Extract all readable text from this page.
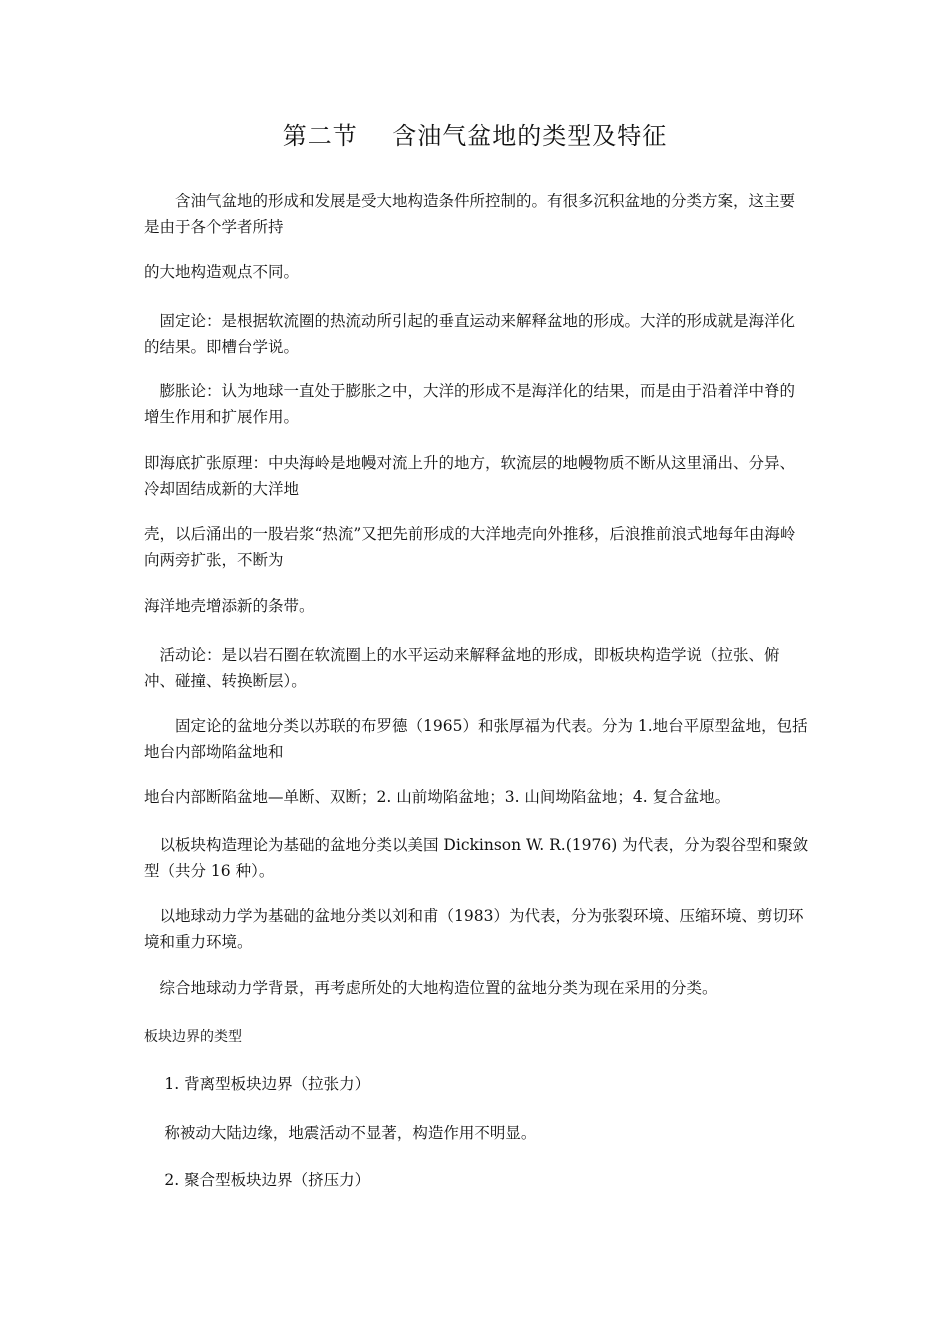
第二节    含油气盆地的类型及特征

　　含油气盆地的形成和发展是受大地构造条件所控制的。有很多沉积盆地的分类方案，这主要是由于各个学者所持

的大地构造观点不同。

　固定论：是根据软流圈的热流动所引起的垂直运动来解释盆地的形成。大洋的形成就是海洋化的结果。即槽台学说。

　膨胀论：认为地球一直处于膨胀之中，大洋的形成不是海洋化的结果，而是由于沿着洋中脊的增生作用和扩展作用。

即海底扩张原理：中央海岭是地幔对流上升的地方，软流层的地幔物质不断从这里涌出、分异、冷却固结成新的大洋地

壳，以后涌出的一股岩浆“热流”又把先前形成的大洋地壳向外推移，后浪推前浪式地每年由海岭向两旁扩张，不断为

海洋地壳增添新的条带。

　活动论：是以岩石圈在软流圈上的水平运动来解释盆地的形成，即板块构造学说（拉张、俯冲、碰撞、转换断层）。

　　固定论的盆地分类以苏联的布罗德（1965）和张厚福为代表。分为 1.地台平原型盆地，包括地台内部坳陷盆地和

地台内部断陷盆地—单断、双断；2. 山前坳陷盆地；3. 山间坳陷盆地；4. 复合盆地。

　以板块构造理论为基础的盆地分类以美国 Dickinson W. R.(1976) 为代表，分为裂谷型和聚敛型（共分 16 种）。

　以地球动力学为基础的盆地分类以刘和甫（1983）为代表，分为张裂环境、压缩环境、剪切环境和重力环境。

　综合地球动力学背景，再考虑所处的大地构造位置的盆地分类为现在采用的分类。

板块边界的类型

　 1. 背离型板块边界（拉张力）

　 称被动大陆边缘，地震活动不显著，构造作用不明显。

　 2. 聚合型板块边界（挤压力）
